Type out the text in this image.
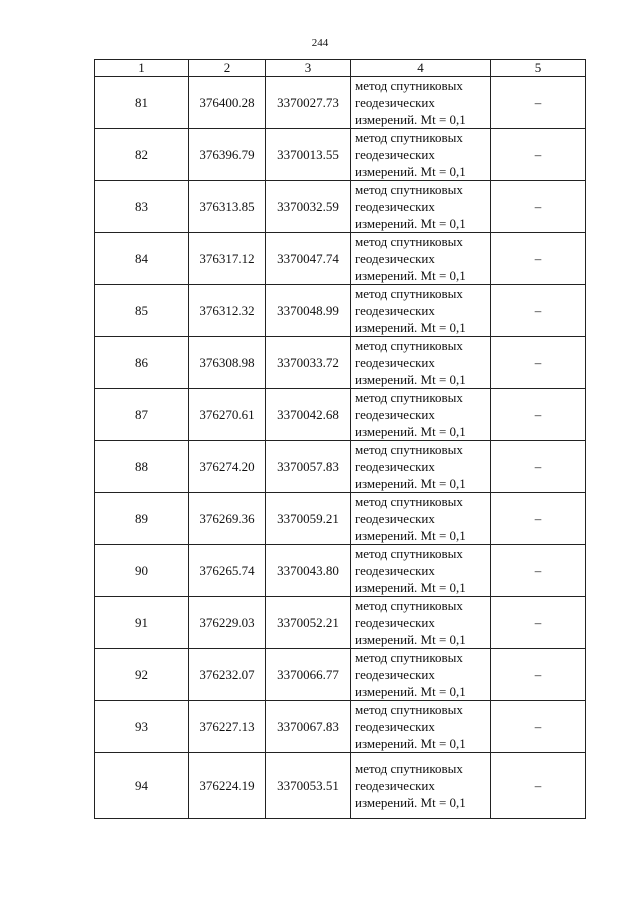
244
1	2	3	4	5
81	376400.28	3370027.73	метод спутниковых
геодезических
измерений. Mt = 0,1	–
82	376396.79	3370013.55	метод спутниковых
геодезических
измерений. Mt = 0,1	–
83	376313.85	3370032.59	метод спутниковых
геодезических
измерений. Mt = 0,1	–
84	376317.12	3370047.74	метод спутниковых
геодезических
измерений. Mt = 0,1	–
85	376312.32	3370048.99	метод спутниковых
геодезических
измерений. Mt = 0,1	–
86	376308.98	3370033.72	метод спутниковых
геодезических
измерений. Mt = 0,1	–
87	376270.61	3370042.68	метод спутниковых
геодезических
измерений. Mt = 0,1	–
88	376274.20	3370057.83	метод спутниковых
геодезических
измерений. Mt = 0,1	–
89	376269.36	3370059.21	метод спутниковых
геодезических
измерений. Mt = 0,1	–
90	376265.74	3370043.80	метод спутниковых
геодезических
измерений. Mt = 0,1	–
91	376229.03	3370052.21	метод спутниковых
геодезических
измерений. Mt = 0,1	–
92	376232.07	3370066.77	метод спутниковых
геодезических
измерений. Mt = 0,1	–
93	376227.13	3370067.83	метод спутниковых
геодезических
измерений. Mt = 0,1	–
94	376224.19	3370053.51	метод спутниковых
геодезических
измерений. Mt = 0,1	–
